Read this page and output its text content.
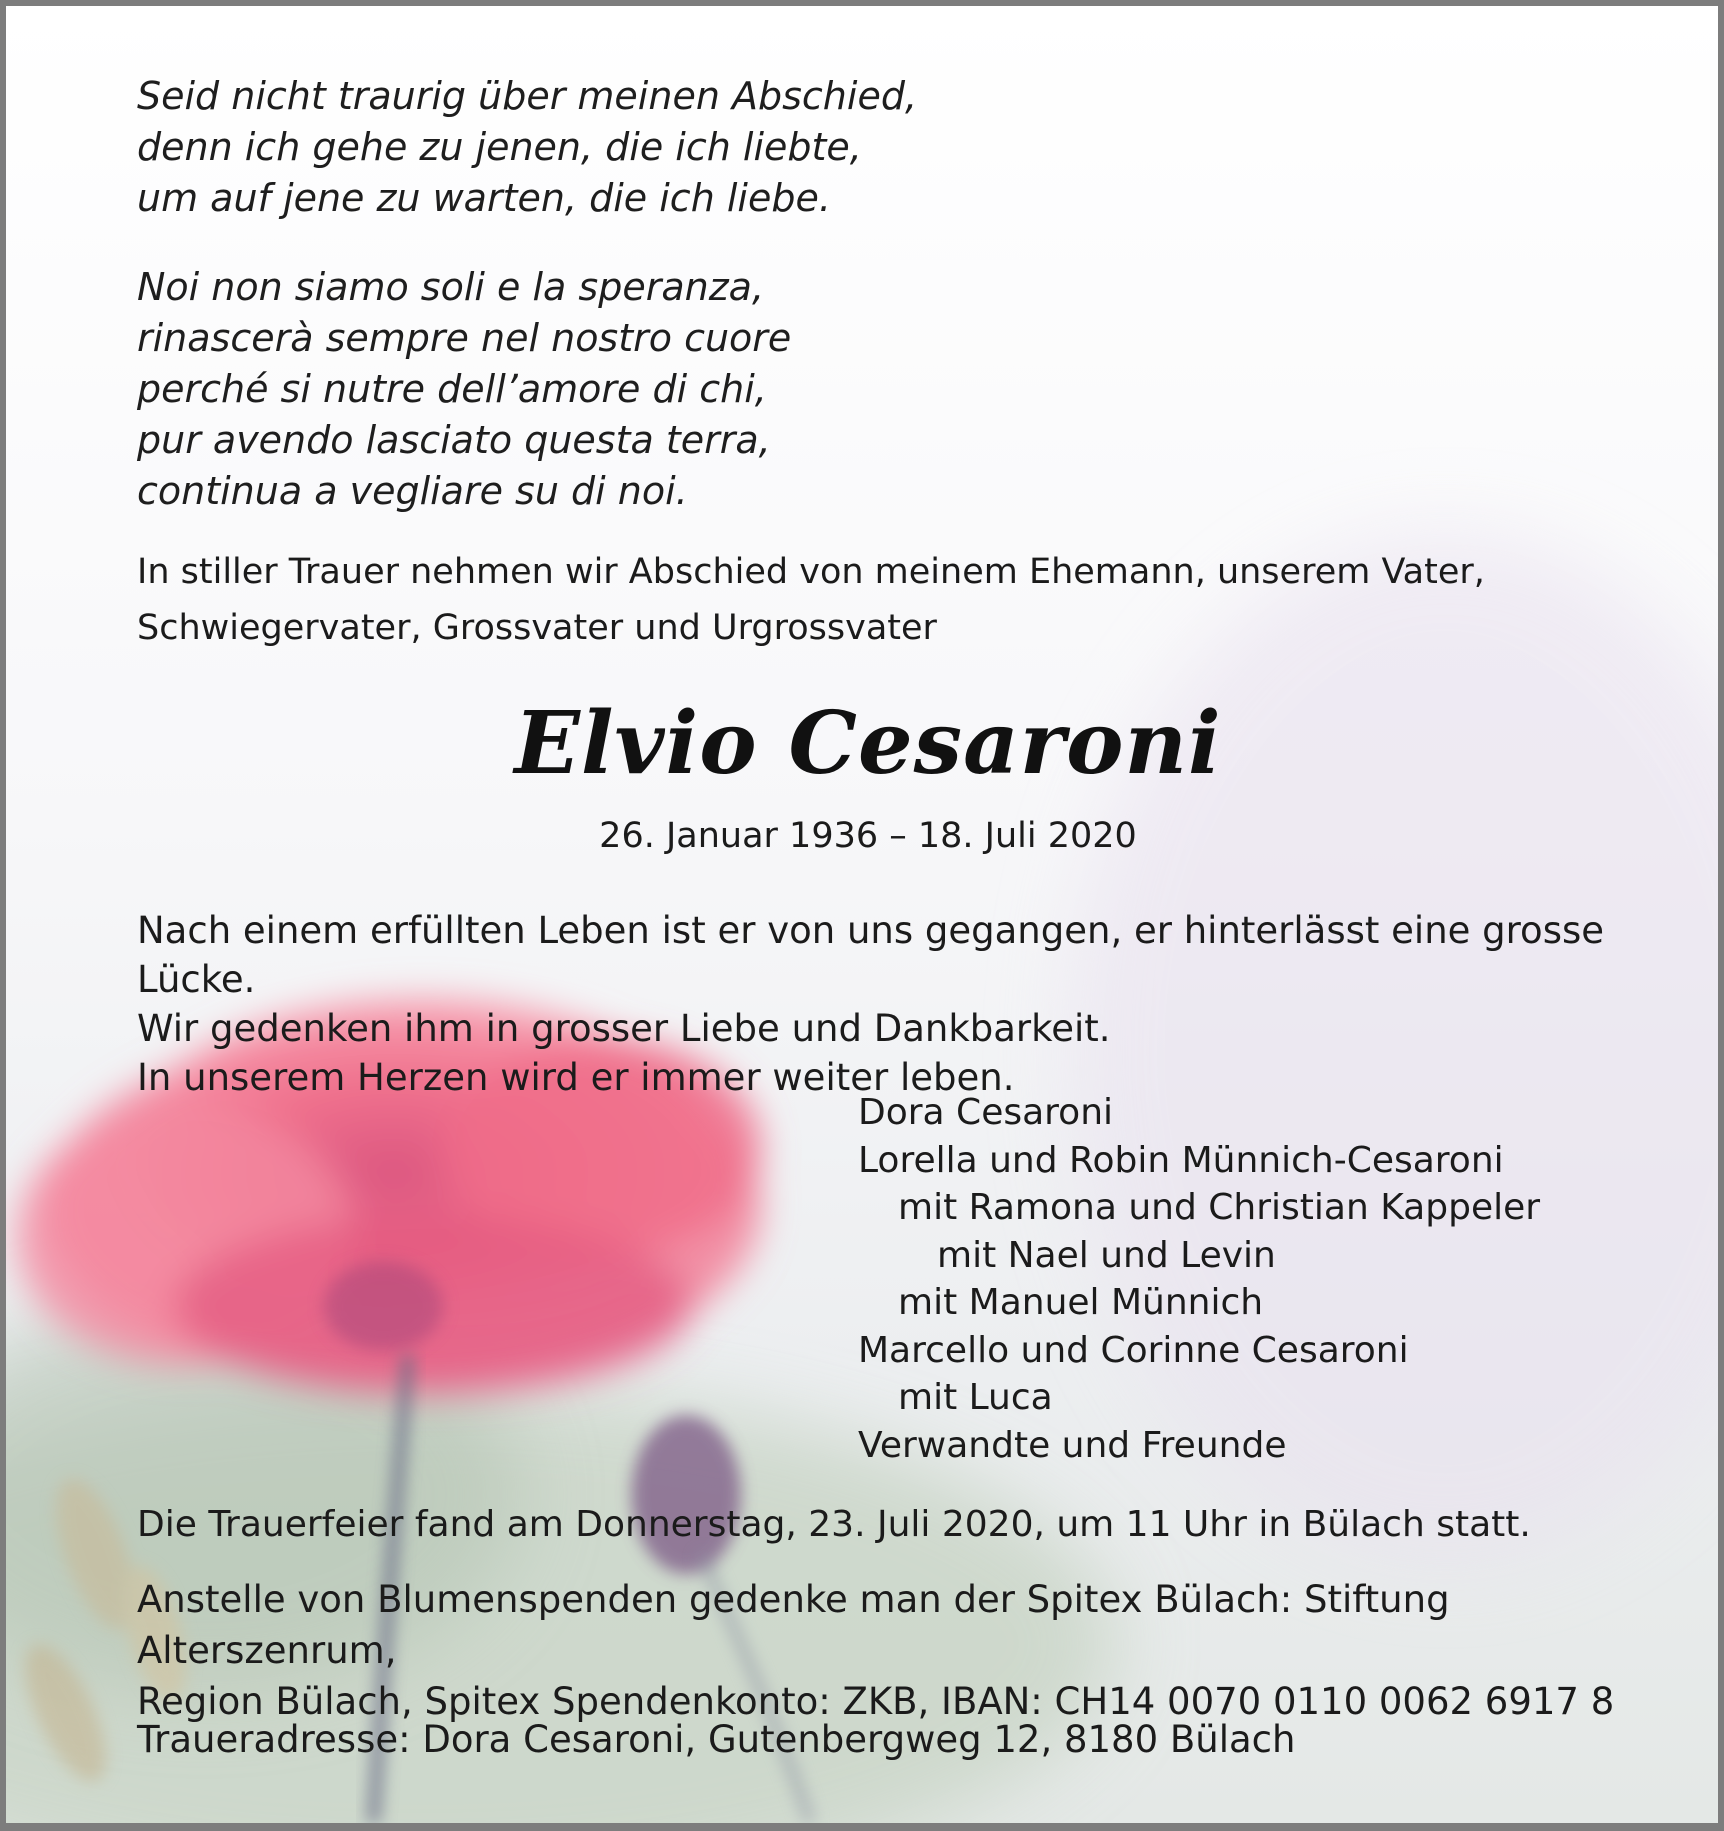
Seid nicht traurig über meinen Abschied,
denn ich gehe zu jenen, die ich liebte,
um auf jene zu warten, die ich liebe.

Noi non siamo soli e la speranza,
rinascerà sempre nel nostro cuore
perché si nutre dell’amore di chi,
pur avendo lasciato questa terra,
continua a vegliare su di noi.

In stiller Trauer nehmen wir Abschied von meinem Ehemann, unserem Vater,
Schwiegervater, Grossvater und Urgrossvater

Elvio Cesaroni

26. Januar 1936 – 18. Juli 2020

Nach einem erfüllten Leben ist er von uns gegangen, er hinterlässt eine grosse Lücke.
Wir gedenken ihm in grosser Liebe und Dankbarkeit.
In unserem Herzen wird er immer weiter leben.

Dora Cesaroni
Lorella und Robin Münnich-Cesaroni
mit Ramona und Christian Kappeler
mit Nael und Levin
mit Manuel Münnich
Marcello und Corinne Cesaroni
mit Luca
Verwandte und Freunde

Die Trauerfeier fand am Donnerstag, 23. Juli 2020, um 11 Uhr in Bülach statt.

Anstelle von Blumenspenden gedenke man der Spitex Bülach: Stiftung Alterszenrum,
Region Bülach, Spitex Spendenkonto: ZKB, IBAN: CH14 0070 0110 0062 6917 8

Traueradresse: Dora Cesaroni, Gutenbergweg 12, 8180 Bülach
